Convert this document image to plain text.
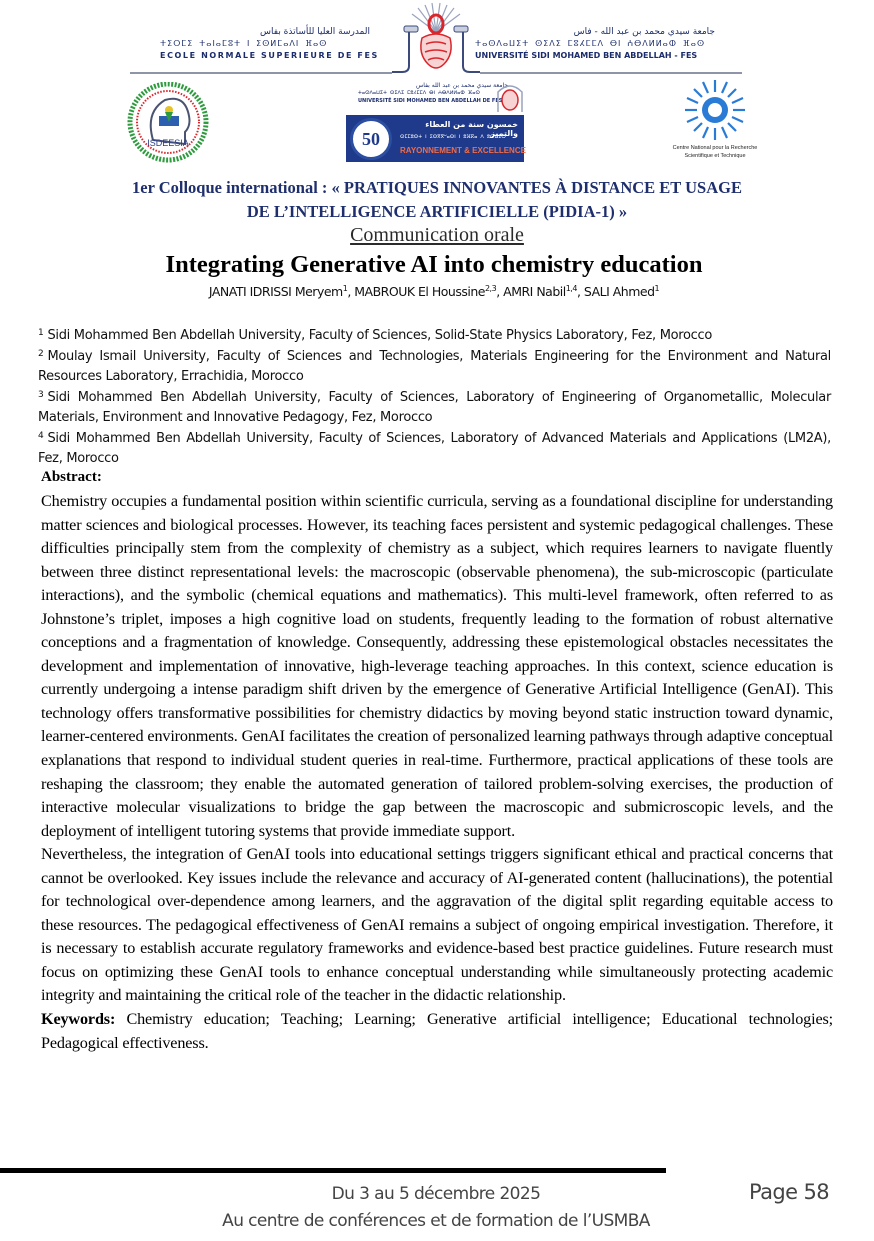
المدرسة العليا للأساتذة بفاس
ⵜⵉⵔⵎⵉ ⵜⴰⵏⴰⵎⵓⵜ ⵏ ⵉⵙⵍⵎⴰⴷⵏ ⴼⴰⵙ
ECOLE NORMALE SUPERIEURE DE FES
جامعة سيدي محمد بن عبد الله - فاس
ⵜⴰⵙⴷⴰⵡⵉⵜ ⵙⵉⴷⵉ ⵎⵓⵃⵎⵎⴷ ⴱⵏ ⵄⴱⴷⵍⵍⴰⵀ ⴼⴰⵙ
UNIVERSITÉ SIDI MOHAMED BEN ABDELLAH - FES
ISDEESIA
جامعة سيدي محمد بن عبد الله بفاس
ⵜⴰⵙⴷⴰⵡⵉⵜ ⵙⵉⴷⵉ ⵎⵓⵃⵎⵎⴷ ⴱⵏ ⵄⴱⴷⵍⵍⴰⵀ ⴼⴰⵙ
UNIVERSITÉ SIDI MOHAMED BEN ABDELLAH DE FES
50
خمسون سنة من العطاء والتميز
ⵙⵎⵎⵓⵙⵜ ⵏ ⵉⵙⴳⴳⵯⴰⵙⵏ ⵏ ⵓⴼⴽⴰ ⴷ ⵓⵙⵡⵉⵔ
RAYONNEMENT & EXCELLENCE	Centre National pour la Recherche
Scientifique et Technique
1er Colloque international : « PRATIQUES INNOVANTES À DISTANCE ET USAGE
DE L’INTELLIGENCE ARTIFICIELLE (PIDIA-1) »
Communication orale
Integrating Generative AI into chemistry education
JANATI IDRISSI Meryem$^1$, MABROUK El Houssine$^{2,3}$, AMRI Nabil$^{1,4}$, SALI Ahmed$^1$

$^1$ Sidi Mohammed Ben Abdellah University, Faculty of Sciences, Solid-State Physics Laboratory, Fez, Morocco

$^2$ Moulay Ismail University, Faculty of Sciences and Technologies, Materials Engineering for the Environment and Natural Resources Laboratory, Errachidia, Morocco

$^3$ Sidi Mohammed Ben Abdellah University, Faculty of Sciences, Laboratory of Engineering of Organometallic, Molecular Materials, Environment and Innovative Pedagogy, Fez, Morocco

$^4$ Sidi Mohammed Ben Abdellah University, Faculty of Sciences, Laboratory of Advanced Materials and Applications (LM2A), Fez, Morocco

Abstract:

Chemistry occupies a fundamental position within scientific curricula, serving as a foundational discipline for understanding matter sciences and biological processes. However, its teaching faces persistent and systemic pedagogical challenges. These difficulties principally stem from the complexity of chemistry as a subject, which requires learners to navigate fluently between three distinct representational levels: the macroscopic (observable phenomena), the sub-microscopic (particulate interactions), and the symbolic (chemical equations and mathematics). This multi-level framework, often referred to as Johnstone’s triplet, imposes a high cognitive load on students, frequently leading to the formation of robust alternative conceptions and a fragmentation of knowledge. Consequently, addressing these epistemological obstacles necessitates the development and implementation of innovative, high-leverage teaching approaches. In this context, science education is currently undergoing a intense paradigm shift driven by the emergence of Generative Artificial Intelligence (GenAI). This technology offers transformative possibilities for chemistry didactics by moving beyond static instruction toward dynamic, learner-centered environments. GenAI facilitates the creation of personalized learning pathways through adaptive conceptual explanations that respond to individual student queries in real-time. Furthermore, practical applications of these tools are reshaping the classroom; they enable the automated generation of tailored problem-solving exercises, the production of interactive molecular visualizations to bridge the gap between the macroscopic and submicroscopic levels, and the deployment of intelligent tutoring systems that provide immediate support.

Nevertheless, the integration of GenAI tools into educational settings triggers significant ethical and practical concerns that cannot be overlooked. Key issues include the relevance and accuracy of AI-generated content (hallucinations), the potential for technological over-dependence among learners, and the aggravation of the digital split regarding equitable access to these resources. The pedagogical effectiveness of GenAI remains a subject of ongoing empirical investigation. Therefore, it is necessary to establish accurate regulatory frameworks and evidence-based best practice guidelines. Future research must focus on optimizing these GenAI tools to enhance conceptual understanding while simultaneously protecting academic integrity and maintaining the critical role of the teacher in the didactic relationship.

Keywords: Chemistry education; Teaching; Learning; Generative artificial intelligence; Educational technologies; Pedagogical effectiveness.

Du 3 au 5 décembre 2025
Au centre de conférences et de formation de l’USMBA
Page 58
